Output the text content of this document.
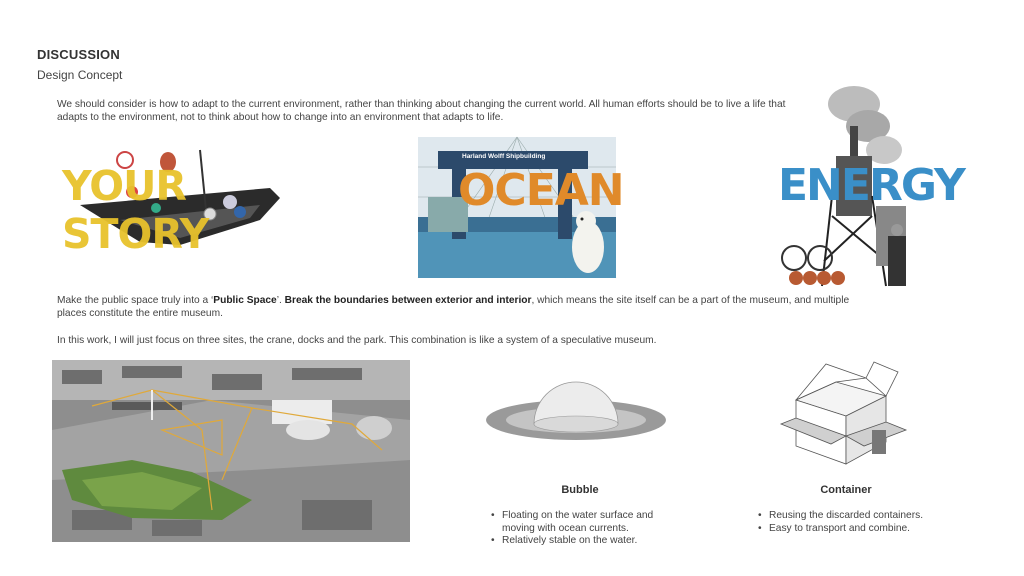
DISCUSSION
Design Concept
We should consider is how to adapt to the current environment, rather than thinking about changing the current world. All human efforts should be to live a life that adapts to the environment, not to think about how to change into an environment that adapts to life.
YOUR STORY
Harland Wolff Shipbuilding
OCEAN	ENERGY
Make the public space truly into a ‘Public Space’. Break the boundaries between exterior and interior, which means the site itself can be a part of the museum, and multiple places constitute the entire museum.
In this work, I will just focus on three sites, the crane, docks and the park. This combination is like a system of a speculative museum.
Bubble
• Floating on the water surface and moving with ocean currents.
• Relatively stable on the water.
Container
• Reusing the discarded containers.
• Easy to transport and combine.
